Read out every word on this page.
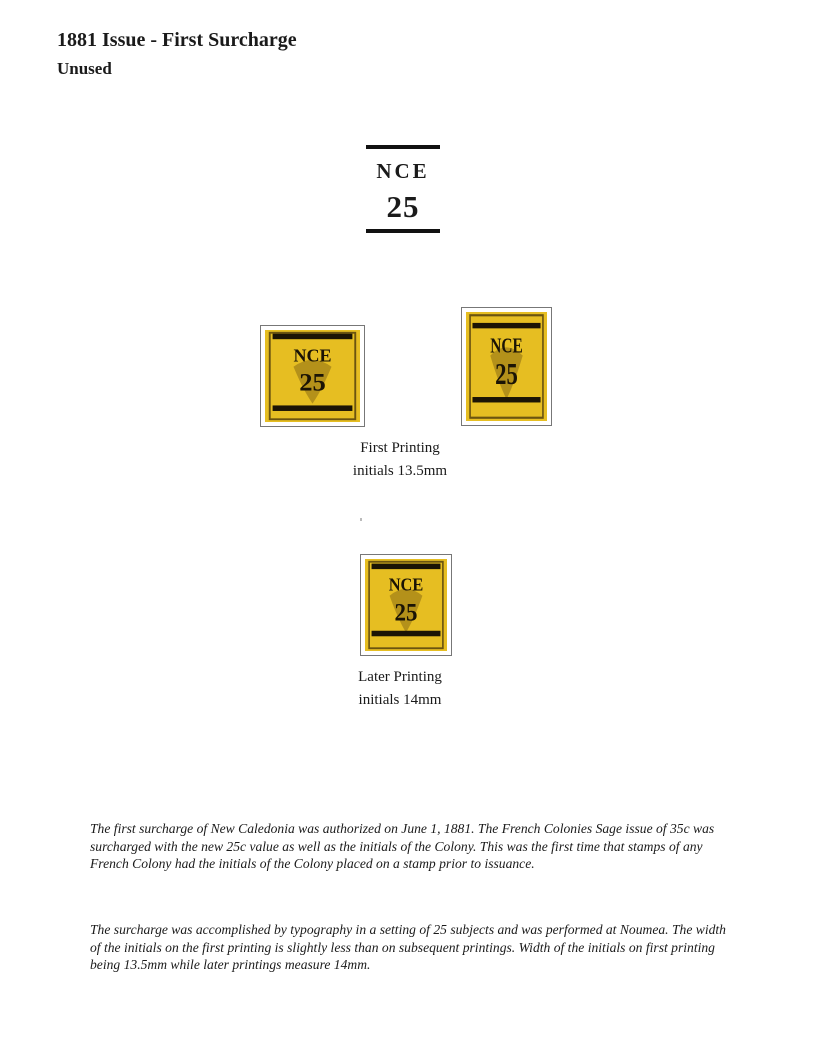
1881 Issue - First Surcharge
Unused
NCE
25
NCE
25
NCE
25
First Printing
initials 13.5mm
NCE
25
Later Printing
initials 14mm

The first surcharge of New Caledonia was authorized on June 1, 1881. The French Colonies Sage issue of 35c was surcharged with the new 25c value as well as the initials of the Colony. This was the first time that stamps of any French Colony had the initials of the Colony placed on a stamp prior to issuance.

The surcharge was accomplished by typography in a setting of 25 subjects and was performed at Noumea. The width of the initials on the first printing is slightly less than on subsequent printings. Width of the initials on first printing being 13.5mm while later printings measure 14mm.
